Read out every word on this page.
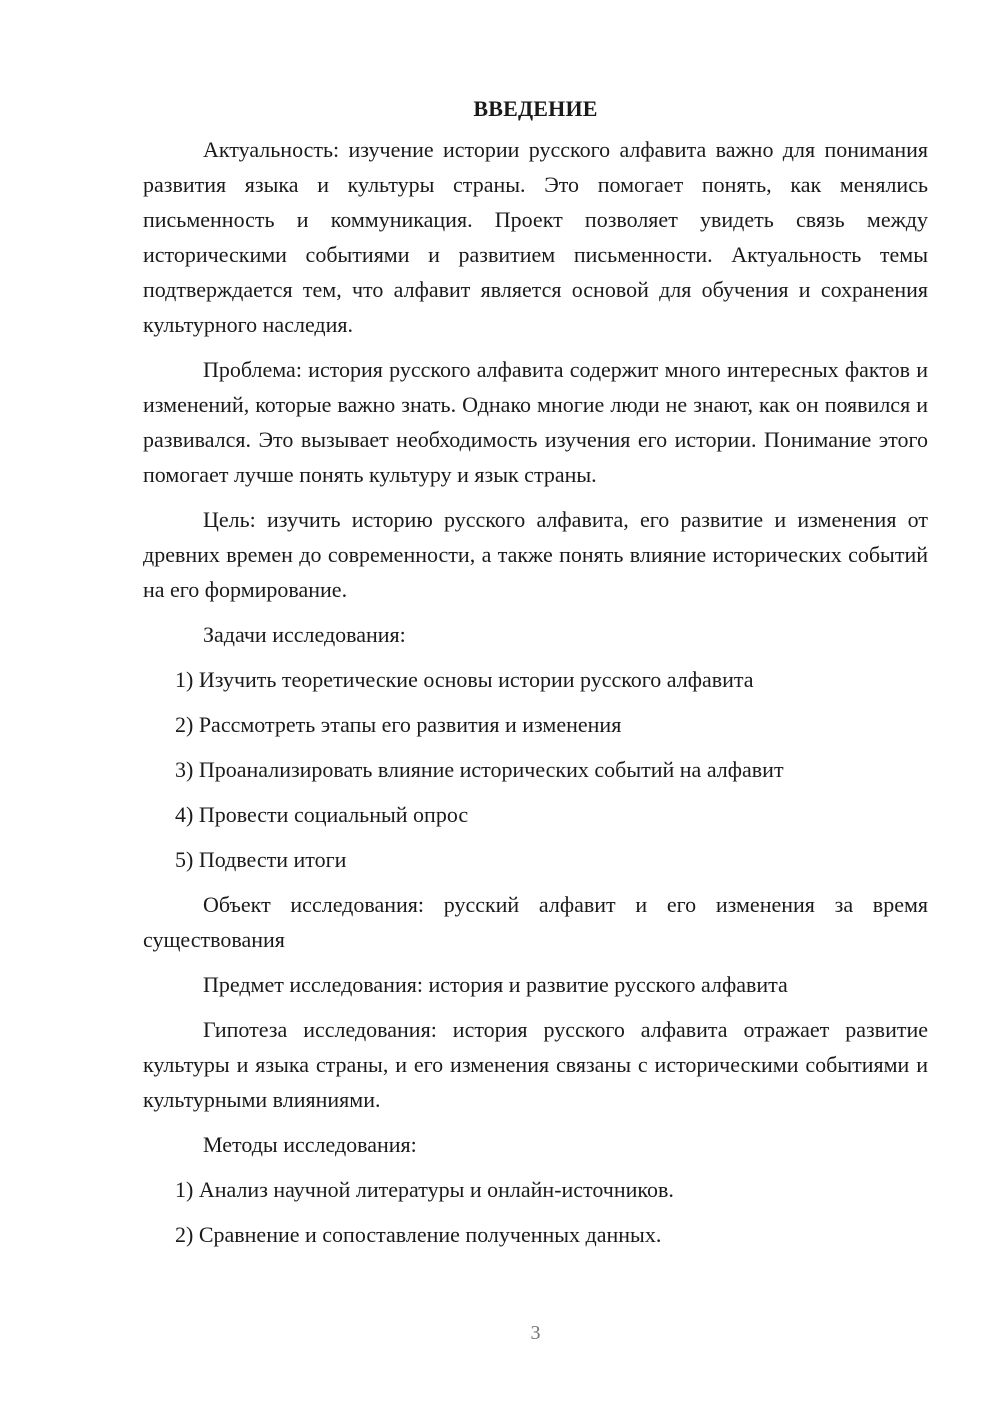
ВВЕДЕНИЕ

Актуальность: изучение истории русского алфавита важно для понимания развития языка и культуры страны. Это помогает понять, как менялись письменность и коммуникация. Проект позволяет увидеть связь между историческими событиями и развитием письменности. Актуальность темы подтверждается тем, что алфавит является основой для обучения и сохранения культурного наследия.

Проблема: история русского алфавита содержит много интересных фактов и изменений, которые важно знать. Однако многие люди не знают, как он появился и развивался. Это вызывает необходимость изучения его истории. Понимание этого помогает лучше понять культуру и язык страны.

Цель: изучить историю русского алфавита, его развитие и изменения от древних времен до современности, а также понять влияние исторических событий на его формирование.

Задачи исследования:

1) Изучить теоретические основы истории русского алфавита
2) Рассмотреть этапы его развития и изменения
3) Проанализировать влияние исторических событий на алфавит
4) Провести социальный опрос
5) Подвести итоги

Объект исследования: русский алфавит и его изменения за время существования

Предмет исследования: история и развитие русского алфавита

Гипотеза исследования: история русского алфавита отражает развитие культуры и языка страны, и его изменения связаны с историческими событиями и культурными влияниями.

Методы исследования:

1) Анализ научной литературы и онлайн-источников.
2) Сравнение и сопоставление полученных данных.
3
